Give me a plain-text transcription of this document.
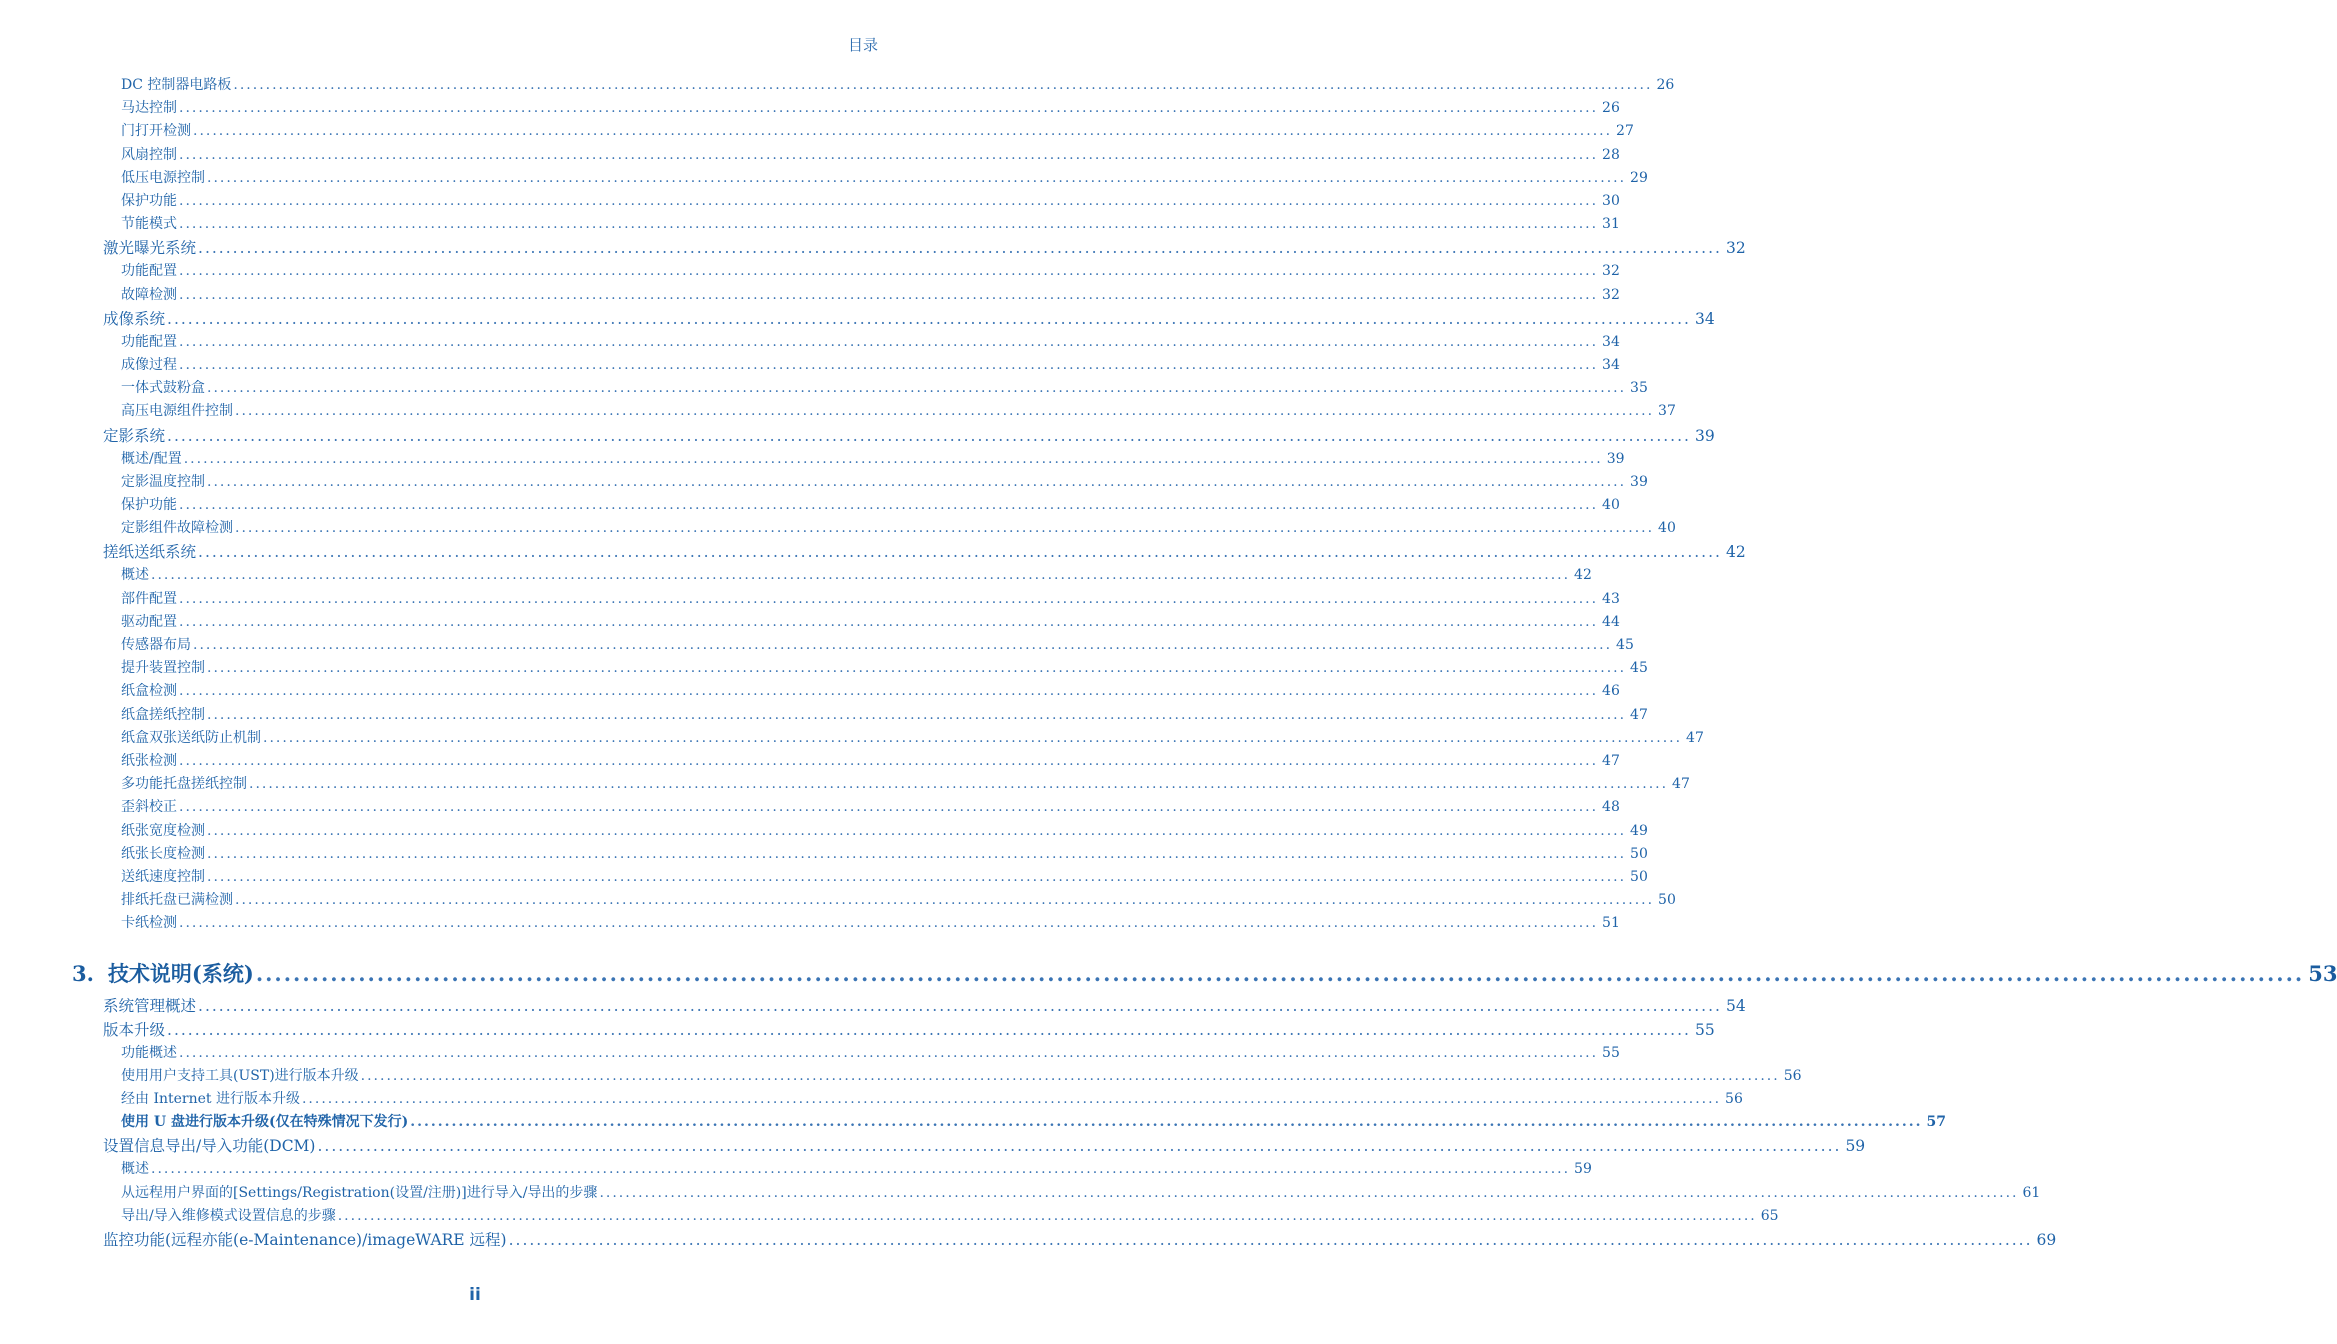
目录
DC 控制器电路板 ............................................................................................................................................................................................................................ 26
马达控制 ............................................................................................................................................................................................................................ 26
门打开检测 ............................................................................................................................................................................................................................ 27
风扇控制 ............................................................................................................................................................................................................................ 28
低压电源控制 ............................................................................................................................................................................................................................ 29
保护功能 ............................................................................................................................................................................................................................ 30
节能模式 ............................................................................................................................................................................................................................ 31
激光曝光系统 ............................................................................................................................................................................................................................ 32
功能配置 ............................................................................................................................................................................................................................ 32
故障检测 ............................................................................................................................................................................................................................ 32
成像系统 ............................................................................................................................................................................................................................ 34
功能配置 ............................................................................................................................................................................................................................ 34
成像过程 ............................................................................................................................................................................................................................ 34
一体式鼓粉盒 ............................................................................................................................................................................................................................ 35
高压电源组件控制 ............................................................................................................................................................................................................................ 37
定影系统 ............................................................................................................................................................................................................................ 39
概述/配置 ............................................................................................................................................................................................................................ 39
定影温度控制 ............................................................................................................................................................................................................................ 39
保护功能 ............................................................................................................................................................................................................................ 40
定影组件故障检测 ............................................................................................................................................................................................................................ 40
搓纸送纸系统 ............................................................................................................................................................................................................................ 42
概述 ............................................................................................................................................................................................................................ 42
部件配置 ............................................................................................................................................................................................................................ 43
驱动配置 ............................................................................................................................................................................................................................ 44
传感器布局 ............................................................................................................................................................................................................................ 45
提升装置控制 ............................................................................................................................................................................................................................ 45
纸盒检测 ............................................................................................................................................................................................................................ 46
纸盒搓纸控制 ............................................................................................................................................................................................................................ 47
纸盒双张送纸防止机制 ............................................................................................................................................................................................................................ 47
纸张检测 ............................................................................................................................................................................................................................ 47
多功能托盘搓纸控制 ............................................................................................................................................................................................................................ 47
歪斜校正 ............................................................................................................................................................................................................................ 48
纸张宽度检测 ............................................................................................................................................................................................................................ 49
纸张长度检测 ............................................................................................................................................................................................................................ 50
送纸速度控制 ............................................................................................................................................................................................................................ 50
排纸托盘已满检测 ............................................................................................................................................................................................................................ 50
卡纸检测 ............................................................................................................................................................................................................................ 51
3. 技术说明(系统) ............................................................................................................................................................................................................................ 53
系统管理概述 ............................................................................................................................................................................................................................ 54
版本升级 ............................................................................................................................................................................................................................ 55
功能概述 ............................................................................................................................................................................................................................ 55
使用用户支持工具(UST)进行版本升级 ............................................................................................................................................................................................................................ 56
经由 Internet 进行版本升级 ............................................................................................................................................................................................................................ 56
使用 U 盘进行版本升级(仅在特殊情况下发行) ............................................................................................................................................................................................................................ 57
设置信息导出/导入功能(DCM) ............................................................................................................................................................................................................................ 59
概述 ............................................................................................................................................................................................................................ 59
从远程用户界面的[Settings/Registration(设置/注册)]进行导入/导出的步骤 ............................................................................................................................................................................................................................ 61
导出/导入维修模式设置信息的步骤 ............................................................................................................................................................................................................................ 65
监控功能(远程亦能(e-Maintenance)/imageWARE 远程) ............................................................................................................................................................................................................................ 69
ii
